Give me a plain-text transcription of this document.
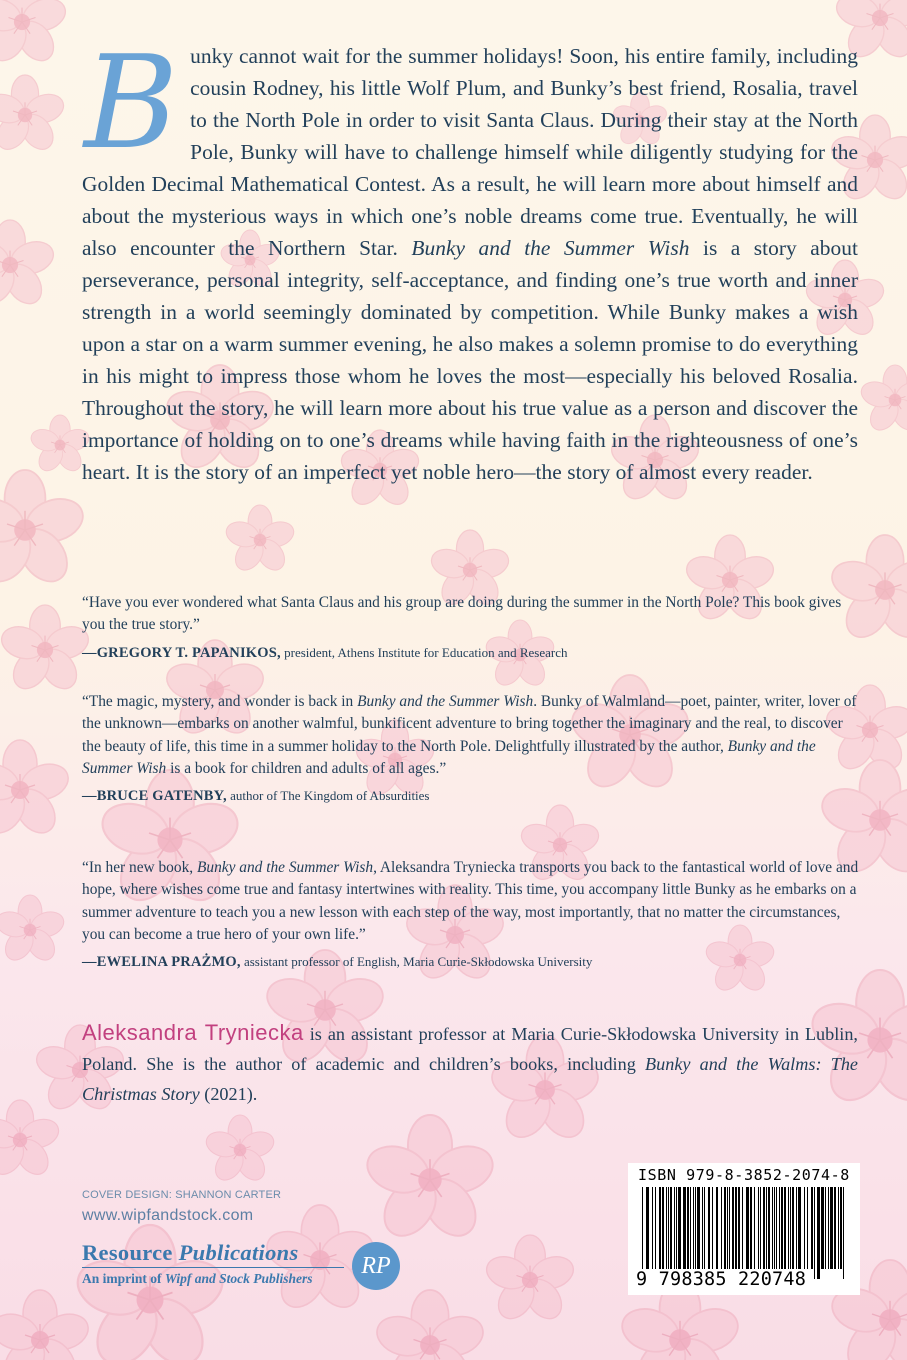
Bunky cannot wait for the summer holidays! Soon, his entire family, including cousin Rodney, his little Wolf Plum, and Bunky’s best friend, Rosalia, travel to the North Pole in order to visit Santa Claus. During their stay at the North Pole, Bunky will have to challenge himself while diligently studying for the Golden Decimal Mathematical Contest. As a result, he will learn more about himself and about the mysterious ways in which one’s noble dreams come true. Eventually, he will also encounter the Northern Star. Bunky and the Summer Wish is a story about perseverance, personal integrity, self-acceptance, and finding one’s true worth and inner strength in a world seemingly dominated by competition. While Bunky makes a wish upon a star on a warm summer evening, he also makes a solemn promise to do everything in his might to impress those whom he loves the most—especially his beloved Rosalia. Throughout the story, he will learn more about his true value as a person and discover the importance of holding on to one’s dreams while having faith in the righteousness of one’s heart. It is the story of an imperfect yet noble hero—the story of almost every reader.
“Have you ever wondered what Santa Claus and his group are doing during the summer in the North Pole? This book gives you the true story.”
—GREGORY T. PAPANIKOS, president, Athens Institute for Education and Research
“The magic, mystery, and wonder is back in Bunky and the Summer Wish. Bunky of Walmland—poet, painter, writer, lover of the unknown—embarks on another walmful, bunkificent adventure to bring together the imaginary and the real, to discover the beauty of life, this time in a summer holiday to the North Pole. Delightfully illustrated by the author, Bunky and the Summer Wish is a book for children and adults of all ages.”
—BRUCE GATENBY, author of The Kingdom of Absurdities
“In her new book, Bunky and the Summer Wish, Aleksandra Tryniecka transports you back to the fantastical world of love and hope, where wishes come true and fantasy intertwines with reality. This time, you accompany little Bunky as he embarks on a summer adventure to teach you a new lesson with each step of the way, most importantly, that no matter the circumstances, you can become a true hero of your own life.”
—EWELINA PRAŻMO, assistant professor of English, Maria Curie-Skłodowska University
Aleksandra Tryniecka is an assistant professor at Maria Curie-Skłodowska University in Lublin, Poland. She is the author of academic and children’s books, including Bunky and the Walms: The Christmas Story (2021).
COVER DESIGN: SHANNON CARTER
www.wipfandstock.com
Resource Publications
An imprint of Wipf and Stock Publishers	RP
ISBN 979-8-3852-2074-8
9 798385 220748
